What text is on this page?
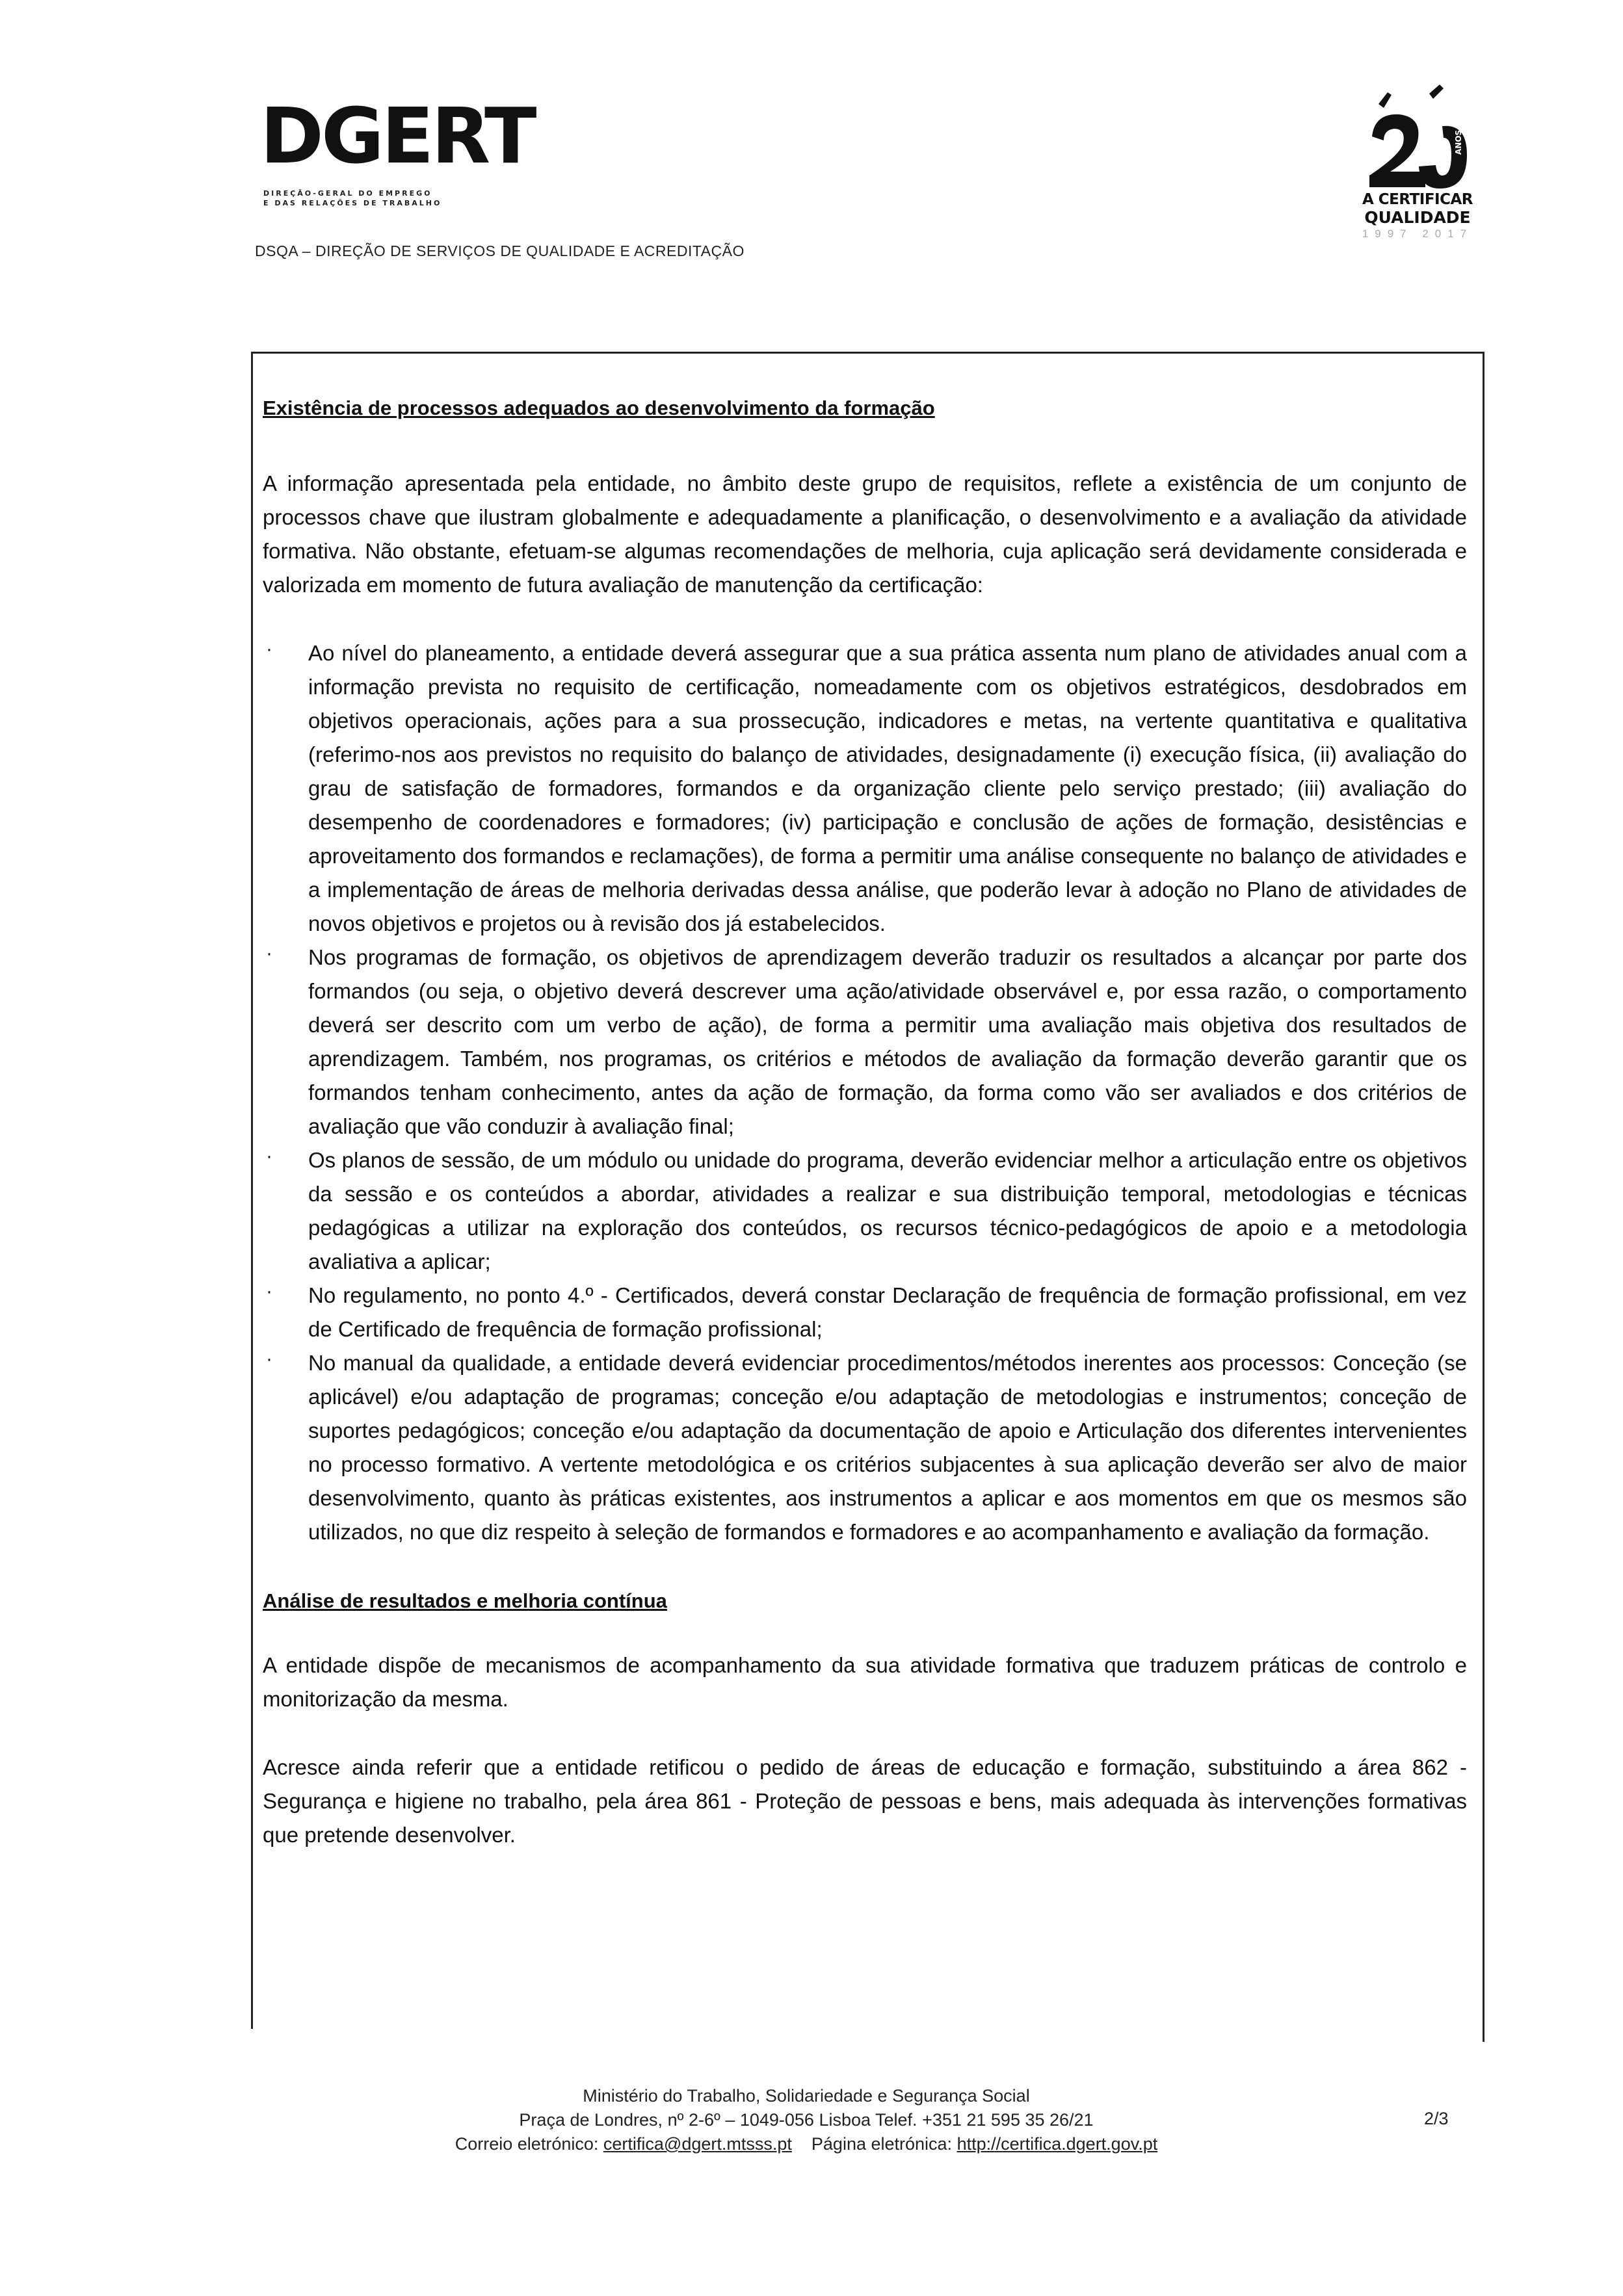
DGERT
DIREÇÃO-GERAL DO EMPREGO
E DAS RELAÇÕES DE TRABALHO
DSQA – DIREÇÃO DE SERVIÇOS DE QUALIDADE E ACREDITAÇÃO
ANOS
A CERTIFICAR
QUALIDADE
1997 2017
Existência de processos adequados ao desenvolvimento da formação

A informação apresentada pela entidade, no âmbito deste grupo de requisitos, reflete a existência de um conjunto de processos chave que ilustram globalmente e adequadamente a planificação, o desenvolvimento e a avaliação da atividade formativa. Não obstante, efetuam-se algumas recomendações de melhoria, cuja aplicação será devidamente considerada e valorizada em momento de futura avaliação de manutenção da certificação:

· Ao nível do planeamento, a entidade deverá assegurar que a sua prática assenta num plano de atividades anual com a informação prevista no requisito de certificação, nomeadamente com os objetivos estratégicos, desdobrados em objetivos operacionais, ações para a sua prossecução, indicadores e metas, na vertente quantitativa e qualitativa (referimo-nos aos previstos no requisito do balanço de atividades, designadamente (i) execução física, (ii) avaliação do grau de satisfação de formadores, formandos e da organização cliente pelo serviço prestado; (iii) avaliação do desempenho de coordenadores e formadores; (iv) participação e conclusão de ações de formação, desistências e aproveitamento dos formandos e reclamações), de forma a permitir uma análise consequente no balanço de atividades e a implementação de áreas de melhoria derivadas dessa análise, que poderão levar à adoção no Plano de atividades de novos objetivos e projetos ou à revisão dos já estabelecidos.
· Nos programas de formação, os objetivos de aprendizagem deverão traduzir os resultados a alcançar por parte dos formandos (ou seja, o objetivo deverá descrever uma ação/atividade observável e, por essa razão, o comportamento deverá ser descrito com um verbo de ação), de forma a permitir uma avaliação mais objetiva dos resultados de aprendizagem. Também, nos programas, os critérios e métodos de avaliação da formação deverão garantir que os formandos tenham conhecimento, antes da ação de formação, da forma como vão ser avaliados e dos critérios de avaliação que vão conduzir à avaliação final;
· Os planos de sessão, de um módulo ou unidade do programa, deverão evidenciar melhor a articulação entre os objetivos da sessão e os conteúdos a abordar, atividades a realizar e sua distribuição temporal, metodologias e técnicas pedagógicas a utilizar na exploração dos conteúdos, os recursos técnico-pedagógicos de apoio e a metodologia avaliativa a aplicar;
· No regulamento, no ponto 4.º - Certificados, deverá constar Declaração de frequência de formação profissional, em vez de Certificado de frequência de formação profissional;
· No manual da qualidade, a entidade deverá evidenciar procedimentos/métodos inerentes aos processos: Conceção (se aplicável) e/ou adaptação de programas; conceção e/ou adaptação de metodologias e instrumentos; conceção de suportes pedagógicos; conceção e/ou adaptação da documentação de apoio e Articulação dos diferentes intervenientes no processo formativo. A vertente metodológica e os critérios subjacentes à sua aplicação deverão ser alvo de maior desenvolvimento, quanto às práticas existentes, aos instrumentos a aplicar e aos momentos em que os mesmos são utilizados, no que diz respeito à seleção de formandos e formadores e ao acompanhamento e avaliação da formação.
Análise de resultados e melhoria contínua

A entidade dispõe de mecanismos de acompanhamento da sua atividade formativa que traduzem práticas de controlo e monitorização da mesma.

Acresce ainda referir que a entidade retificou o pedido de áreas de educação e formação, substituindo a área 862 - Segurança e higiene no trabalho, pela área 861 - Proteção de pessoas e bens, mais adequada às intervenções formativas que pretende desenvolver.

Ministério do Trabalho, Solidariedade e Segurança Social
Praça de Londres, nº 2-6º – 1049-056 Lisboa Telef. +351 21 595 35 26/21
Correio eletrónico: certifica@dgert.mtsss.pt Página eletrónica: http://certifica.dgert.gov.pt
2/3
